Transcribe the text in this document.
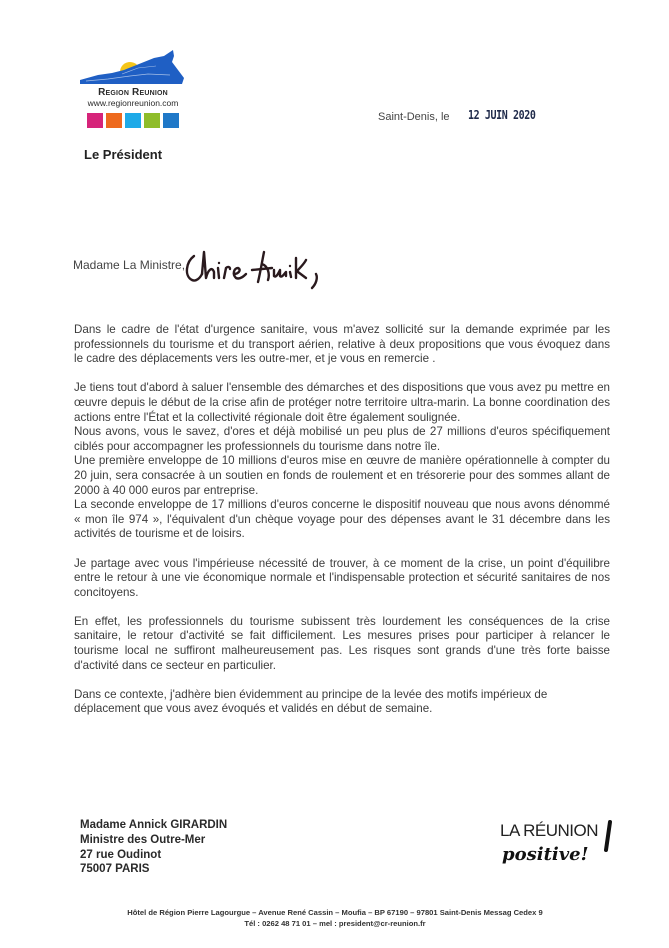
Region Reunion
www.regionreunion.com
Le Président
Saint-Denis, le 12 JUIN 2020
Madame La Ministre,

Dans le cadre de l'état d'urgence sanitaire, vous m'avez sollicité sur la demande exprimée par les professionnels du tourisme et du transport aérien, relative à deux propositions que vous évoquez dans le cadre des déplacements vers les outre-mer, et je vous en remercie .

Je tiens tout d'abord à saluer l'ensemble des démarches et des dispositions que vous avez pu mettre en œuvre depuis le début de la crise afin de protéger notre territoire ultra-marin. La bonne coordination des actions entre l'État et la collectivité régionale doit être également soulignée.

Nous avons, vous le savez, d'ores et déjà mobilisé un peu plus de 27 millions d'euros spécifiquement ciblés pour accompagner les professionnels du tourisme dans notre île.

Une première enveloppe de 10 millions d'euros mise en œuvre de manière opérationnelle à compter du 20 juin, sera consacrée à un soutien en fonds de roulement et en trésorerie pour des sommes allant de 2000 à 40 000 euros par entreprise.

La seconde enveloppe de 17 millions d'euros concerne le dispositif nouveau que nous avons dénommé « mon île 974 », l'équivalent d'un chèque voyage pour des dépenses avant le 31 décembre dans les activités de tourisme et de loisirs.

Je partage avec vous l'impérieuse nécessité de trouver, à ce moment de la crise, un point d'équilibre entre le retour à une vie économique normale et l'indispensable protection et sécurité sanitaires de nos concitoyens.

En effet, les professionnels du tourisme subissent très lourdement les conséquences de la crise sanitaire, le retour d'activité se fait difficilement. Les mesures prises pour participer à relancer le tourisme local ne suffiront malheureusement pas. Les risques sont grands d'une très forte baisse d'activité dans ce secteur en particulier.

Dans ce contexte, j'adhère bien évidemment au principe de la levée des motifs impérieux de déplacement que vous avez évoqués et validés en début de semaine.

Madame Annick GIRARDIN
Ministre des Outre-Mer
27 rue Oudinot
75007 PARIS
LA RÉUNION
positive!
Hôtel de Région Pierre Lagourgue – Avenue René Cassin – Moufia – BP 67190 – 97801 Saint-Denis Messag Cedex 9
Tél : 0262 48 71 01 – mel : president@cr-reunion.fr
